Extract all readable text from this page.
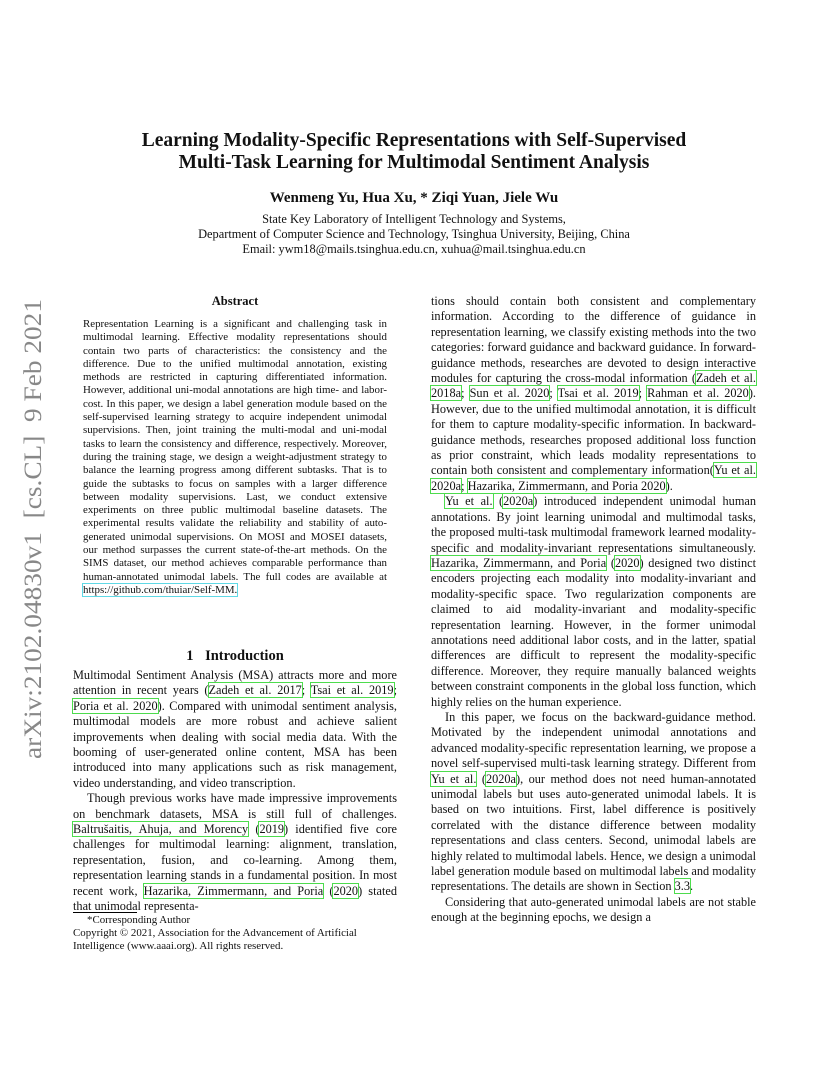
Learning Modality-Specific Representations with Self-Supervised
Multi-Task Learning for Multimodal Sentiment Analysis
Wenmeng Yu, Hua Xu, * Ziqi Yuan, Jiele Wu
State Key Laboratory of Intelligent Technology and Systems,
Department of Computer Science and Technology, Tsinghua University, Beijing, China
Email: ywm18@mails.tsinghua.edu.cn, xuhua@mail.tsinghua.edu.cn
arXiv:2102.04830v1  [cs.CL]  9 Feb 2021
Abstract
Representation Learning is a significant and challenging task in multimodal learning. Effective modality representations should contain two parts of characteristics: the consistency and the difference. Due to the unified multimodal annotation, existing methods are restricted in capturing differentiated information. However, additional uni-modal annotations are high time- and labor-cost. In this paper, we design a label generation module based on the self-supervised learning strategy to acquire independent unimodal supervisions. Then, joint training the multi-modal and uni-modal tasks to learn the consistency and difference, respectively. Moreover, during the training stage, we design a weight-adjustment strategy to balance the learning progress among different subtasks. That is to guide the subtasks to focus on samples with a larger difference between modality supervisions. Last, we conduct extensive experiments on three public multimodal baseline datasets. The experimental results validate the reliability and stability of auto-generated unimodal supervisions. On MOSI and MOSEI datasets, our method surpasses the current state-of-the-art methods. On the SIMS dataset, our method achieves comparable performance than human-annotated unimodal labels. The full codes are available at https://github.com/thuiar/Self-MM.
1 Introduction

Multimodal Sentiment Analysis (MSA) attracts more and more attention in recent years (Zadeh et al. 2017; Tsai et al. 2019; Poria et al. 2020). Compared with unimodal sentiment analysis, multimodal models are more robust and achieve salient improvements when dealing with social media data. With the booming of user-generated online content, MSA has been introduced into many applications such as risk management, video understanding, and video transcription.

Though previous works have made impressive improvements on benchmark datasets, MSA is still full of challenges. Baltrušaitis, Ahuja, and Morency (2019) identified five core challenges for multimodal learning: alignment, translation, representation, fusion, and co-learning. Among them, representation learning stands in a fundamental position. In most recent work, Hazarika, Zimmermann, and Poria (2020) stated that unimodal representa-

*Corresponding Author
Copyright © 2021, Association for the Advancement of Artificial Intelligence (www.aaai.org). All rights reserved.

tions should contain both consistent and complementary information. According to the difference of guidance in representation learning, we classify existing methods into the two categories: forward guidance and backward guidance. In forward-guidance methods, researches are devoted to design interactive modules for capturing the cross-modal information (Zadeh et al. 2018a; Sun et al. 2020; Tsai et al. 2019; Rahman et al. 2020). However, due to the unified multimodal annotation, it is difficult for them to capture modality-specific information. In backward-guidance methods, researches proposed additional loss function as prior constraint, which leads modality representations to contain both consistent and complementary information(Yu et al. 2020a; Hazarika, Zimmermann, and Poria 2020).

Yu et al. (2020a) introduced independent unimodal human annotations. By joint learning unimodal and multimodal tasks, the proposed multi-task multimodal framework learned modality-specific and modality-invariant representations simultaneously. Hazarika, Zimmermann, and Poria (2020) designed two distinct encoders projecting each modality into modality-invariant and modality-specific space. Two regularization components are claimed to aid modality-invariant and modality-specific representation learning. However, in the former unimodal annotations need additional labor costs, and in the latter, spatial differences are difficult to represent the modality-specific difference. Moreover, they require manually balanced weights between constraint components in the global loss function, which highly relies on the human experience.

In this paper, we focus on the backward-guidance method. Motivated by the independent unimodal annotations and advanced modality-specific representation learning, we propose a novel self-supervised multi-task learning strategy. Different from Yu et al. (2020a), our method does not need human-annotated unimodal labels but uses auto-generated unimodal labels. It is based on two intuitions. First, label difference is positively correlated with the distance difference between modality representations and class centers. Second, unimodal labels are highly related to multimodal labels. Hence, we design a unimodal label generation module based on multimodal labels and modality representations. The details are shown in Section 3.3.

Considering that auto-generated unimodal labels are not stable enough at the beginning epochs, we design a
